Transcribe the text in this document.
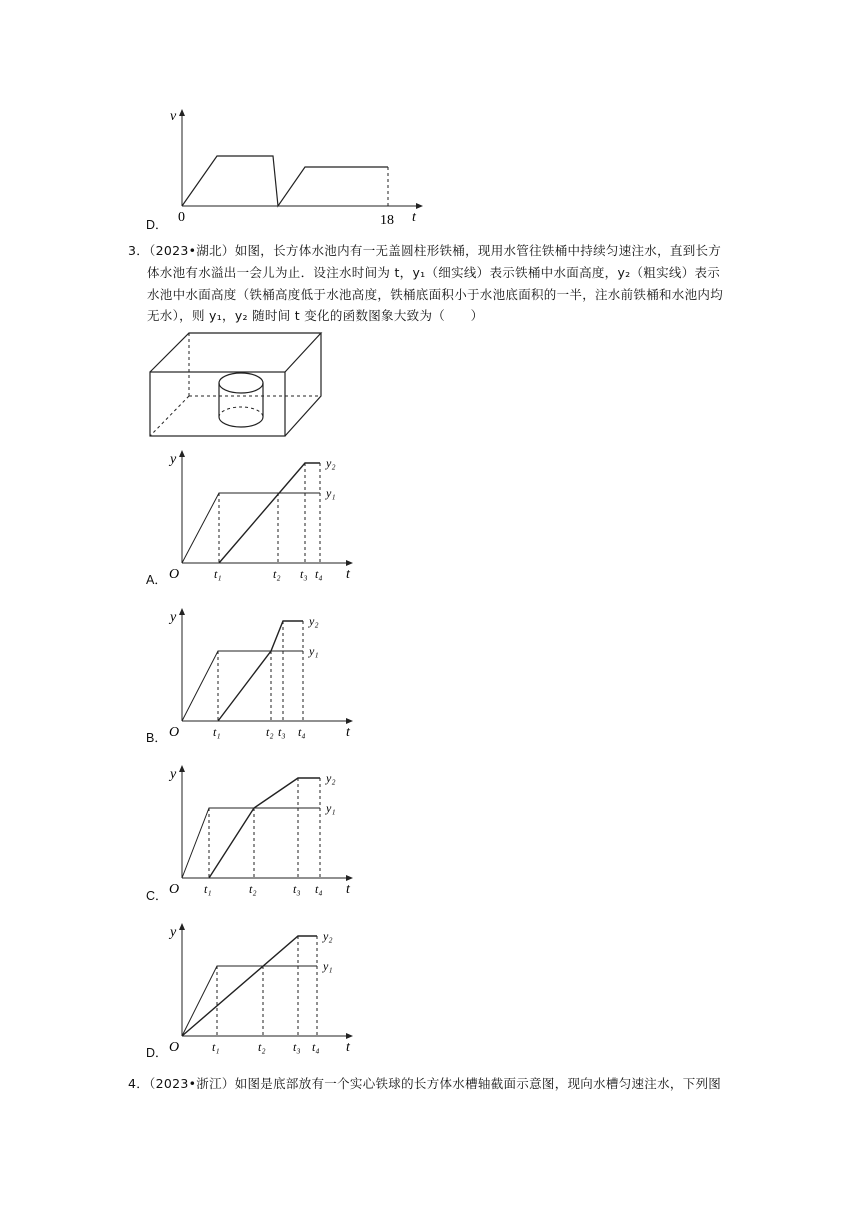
v
0	18 t
D．
3．（2023•湖北）如图，长方体水池内有一无盖圆柱形铁桶，现用水管往铁桶中持续匀速注水，直到长方
体水池有水溢出一会儿为止．设注水时间为 t，y₁（细实线）表示铁桶中水面高度，y₂（粗实线）表示
水池中水面高度（铁桶高度低于水池高度，铁桶底面积小于水池底面积的一半，注水前铁桶和水池内均
无水），则 y₁，y₂ 随时间 t 变化的函数图象大致为（　　）
y
O	t
y₁
y₂
t₁	t₂ t₃ t₄
A．
y
O	t
y₁
y₂
t₁	t₂ t₃ t₄
B．
y
O	t
y₁
y₂
t₁	t₂	t₃ t₄
C．
y
O	t
y₁
y₂
t₁	t₂ t₃ t₄
D．
4．（2023•浙江）如图是底部放有一个实心铁球的长方体水槽轴截面示意图，现向水槽匀速注水，下列图
